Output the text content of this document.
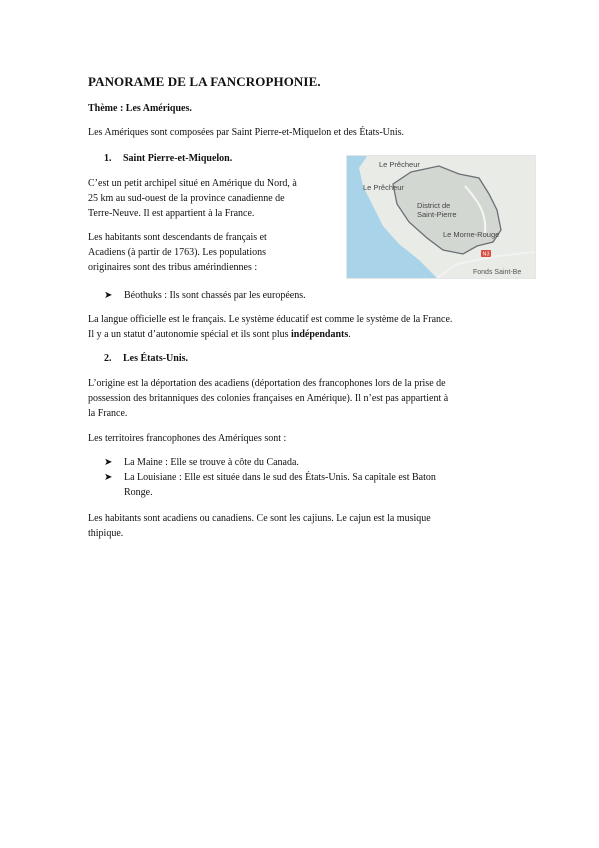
PANORAME DE LA FANCROPHONIE.
Thème : Les Amériques.
Les Amériques sont composées par Saint Pierre-et-Miquelon et des États-Unis.
1. Saint Pierre-et-Miquelon.
C’est un petit archipel situé en Amérique du Nord, à
25 km au sud-ouest de la province canadienne de
Terre-Neuve. Il est appartient à la France.
Les habitants sont descendants de français et
Acadiens (à partir de 1763). Les populations
originaires sont des tribus amérindiennes :
N3
Le Prêcheur
Le Prêcheur
District de
Saint-Pierre
Le Morne-Rouge
Fonds Saint-Be
➤ Béothuks : Ils sont chassés par les européens.
La langue officielle est le français. Le système éducatif est comme le système de la France.
Il y a un statut d’autonomie spécial et ils sont plus indépendants.
2. Les États-Unis.
L’origine est la déportation des acadiens (déportation des francophones lors de la prise de
possession des britanniques des colonies françaises en Amérique). Il n’est pas appartient à
la France.
Les territoires francophones des Amériques sont :
➤ La Maine : Elle se trouve à côte du Canada.
➤ La Louisiane : Elle est située dans le sud des États-Unis. Sa capitale est Baton
Ronge.
Les habitants sont acadiens ou canadiens. Ce sont les cajiuns. Le cajun est la musique
thipique.
